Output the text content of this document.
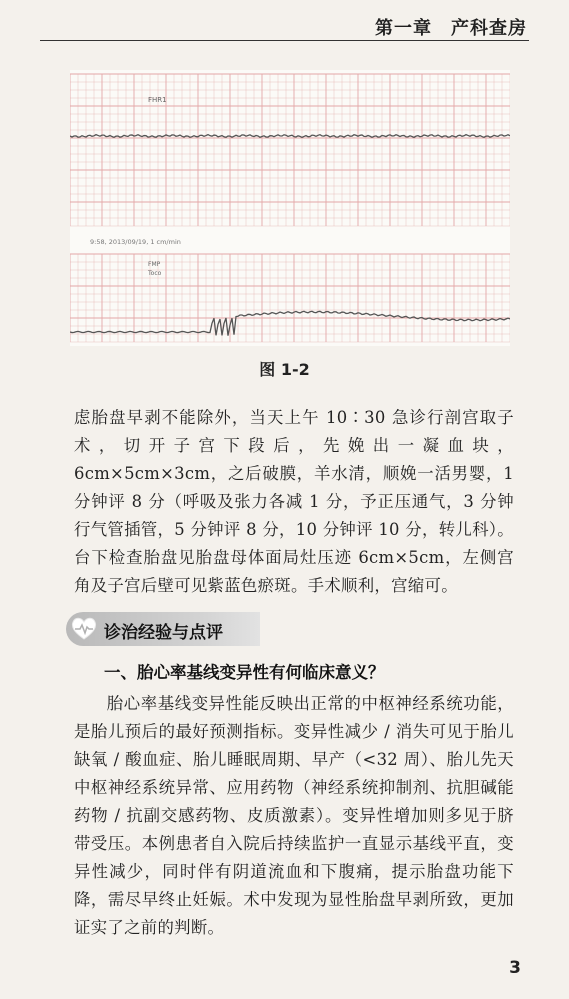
第一章　产科查房
FHR1
9:58, 2013/09/19, 1 cm/min
FMP
Toco
图 1-2
虑胎盘早剥不能除外，当天上午 10∶30 急诊行剖宫取子术，切开子宫下段后，先娩出一凝血块，6cm×5cm×3cm，之后破膜，羊水清，顺娩一活男婴，1 分钟评 8 分（呼吸及张力各减 1 分，予正压通气，3 分钟行气管插管，5 分钟评 8 分，10 分钟评 10 分，转儿科）。台下检查胎盘见胎盘母体面局灶压迹 6cm×5cm，左侧宫角及子宫后壁可见紫蓝色瘀斑。手术顺利，宫缩可。
诊治经验与点评
一、胎心率基线变异性有何临床意义？
胎心率基线变异性能反映出正常的中枢神经系统功能，是胎儿预后的最好预测指标。变异性减少 / 消失可见于胎儿缺氧 / 酸血症、胎儿睡眠周期、早产（<32 周）、胎儿先天中枢神经系统异常、应用药物（神经系统抑制剂、抗胆碱能药物 / 抗副交感药物、皮质激素）。变异性增加则多见于脐带受压。本例患者自入院后持续监护一直显示基线平直，变异性减少，同时伴有阴道流血和下腹痛，提示胎盘功能下降，需尽早终止妊娠。术中发现为显性胎盘早剥所致，更加证实了之前的判断。
3
